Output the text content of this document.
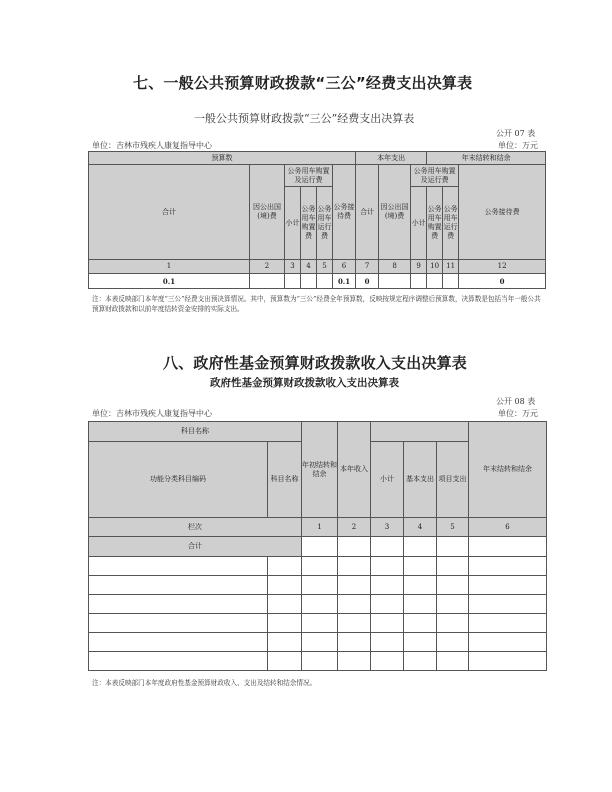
七、一般公共预算财政拨款“三公”经费支出决算表
一般公共预算财政拨款“三公”经费支出决算表
公开 07 表
单位：吉林市残疾人康复指导中心	单位：万元
预算数						本年支出			年末结转和结余		
合计	因公出国(境)费	公务用车购置及运行费			公务接待费	合计	因公出国(境)费	公务用车购置及运行费			公务接待费
		小计	公务用车购置费	公务用车运行费				小计	公务用车购置费	公务用车运行费	

1	2	3	4	5	6	7	8	9	10	11	12
0.1					0.1	0					0
注：本表反映部门本年度“三公”经费支出预决算情况。其中，预算数为“三公”经费全年预算数，反映按规定程序调整后预算数，决算数是包括当年一般公共预算财政拨款和以前年度结转资金安排的实际支出。
八、政府性基金预算财政拨款收入支出决算表
政府性基金预算财政拨款收入支出决算表
公开 08 表
单位：吉林市残疾人康复指导中心	单位：万元
科目名称		年初结转和结余	本年收入				年末结转和结余
功能分类科目编码	科目名称			小计	基本支出	项目支出	
栏次		1	2	3	4	5	6
合计							

注：本表反映部门本年度政府性基金预算财政收入、支出及结转和结余情况。
